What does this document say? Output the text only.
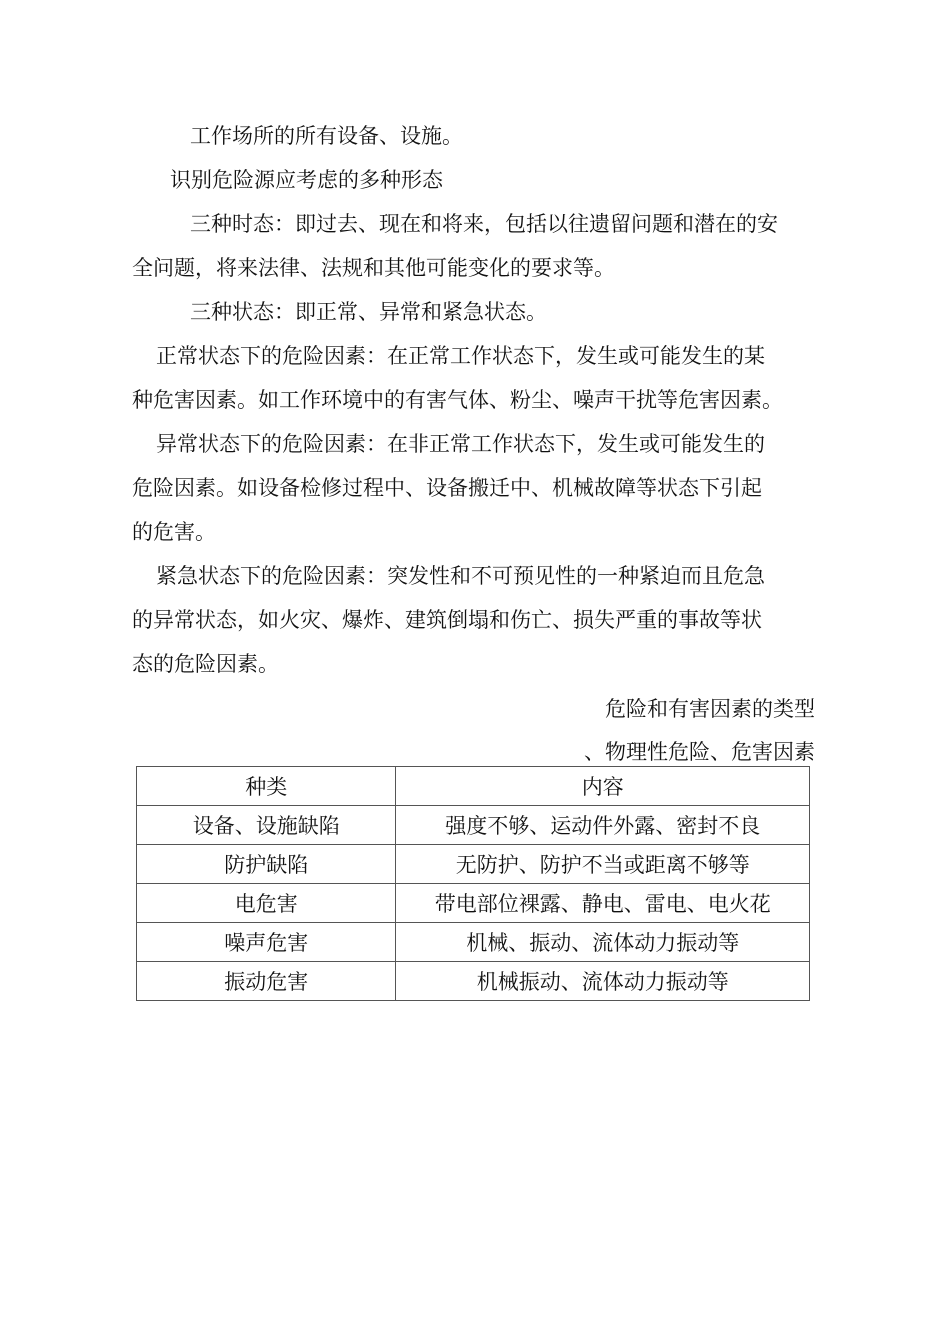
工作场所的所有设备、设施。
识别危险源应考虑的多种形态
三种时态：即过去、现在和将来，包括以往遗留问题和潜在的安
全问题，将来法律、法规和其他可能变化的要求等。
三种状态：即正常、异常和紧急状态。
正常状态下的危险因素：在正常工作状态下，发生或可能发生的某
种危害因素。如工作环境中的有害气体、粉尘、噪声干扰等危害因素。
异常状态下的危险因素：在非正常工作状态下，发生或可能发生的
危险因素。如设备检修过程中、设备搬迁中、机械故障等状态下引起
的危害。
紧急状态下的危险因素：突发性和不可预见性的一种紧迫而且危急
的异常状态，如火灾、爆炸、建筑倒塌和伤亡、损失严重的事故等状
态的危险因素。
危险和有害因素的类型
、物理性危险、危害因素
种类	内容
设备、设施缺陷	强度不够、运动件外露、密封不良
防护缺陷	无防护、防护不当或距离不够等
电危害	带电部位裸露、静电、雷电、电火花
噪声危害	机械、振动、流体动力振动等
振动危害	机械振动、流体动力振动等
